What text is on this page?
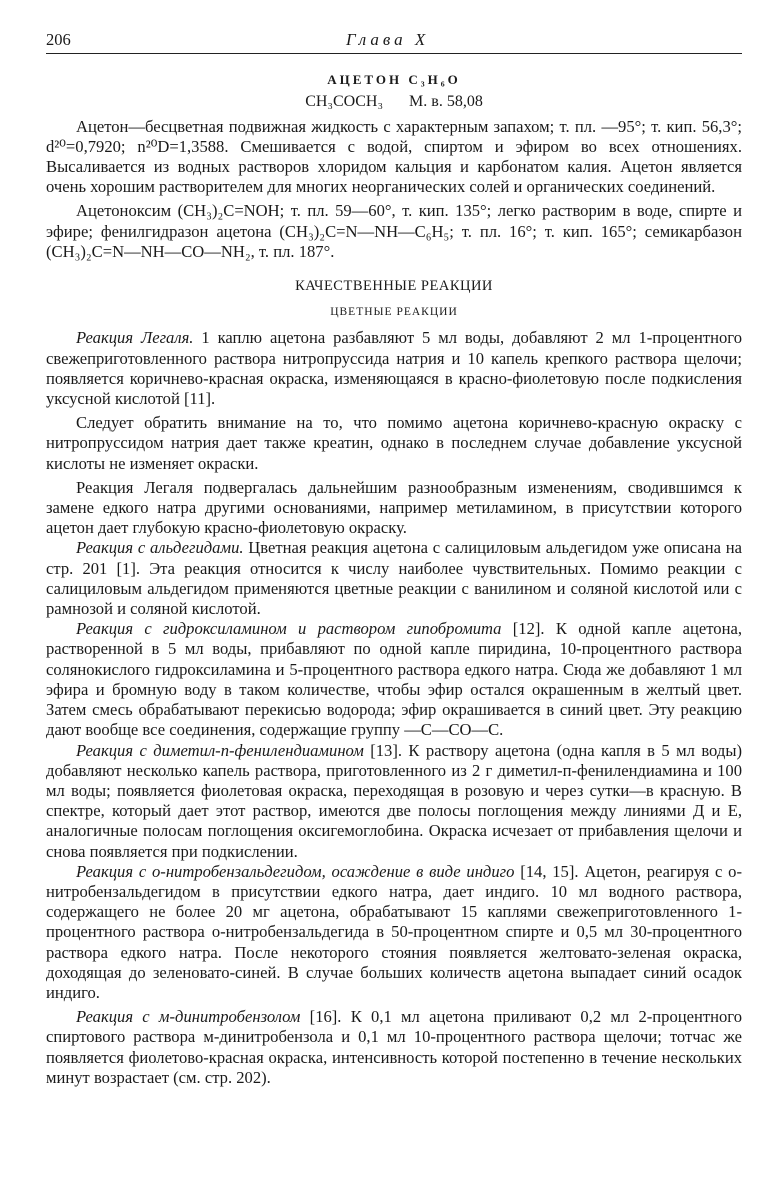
206	Глава X
АЦЕТОН C₃H₆O
CH₃COCH₃ М. в. 58,08

Ацетон—бесцветная подвижная жидкость с характерным запахом; т. пл. —95°; т. кип. 56,3°; d²⁰=0,7920; n²⁰D=1,3588. Смешивается с водой, спиртом и эфиром во всех отношениях. Высаливается из водных растворов хлоридом кальция и карбонатом калия. Ацетон является очень хорошим растворителем для многих неорганических солей и органических соединений.

Ацетоноксим (CH₃)₂C=NOH; т. пл. 59—60°, т. кип. 135°; легко растворим в воде, спирте и эфире; фенилгидразон ацетона (CH₃)₂C=N—NH—C₆H₅; т. пл. 16°; т. кип. 165°; семикарбазон (CH₃)₂C=N—NH—CO—NH₂, т. пл. 187°.

КАЧЕСТВЕННЫЕ РЕАКЦИИ
ЦВЕТНЫЕ РЕАКЦИИ

Реакция Легаля. 1 каплю ацетона разбавляют 5 мл воды, добавляют 2 мл 1-процентного свежеприготовленного раствора нитропруссида натрия и 10 капель крепкого раствора щелочи; появляется коричнево-красная окраска, изменяющаяся в красно-фиолетовую после подкисления уксусной кислотой [11].

Следует обратить внимание на то, что помимо ацетона коричнево-красную окраску с нитропруссидом натрия дает также креатин, однако в последнем случае добавление уксусной кислоты не изменяет окраски.

Реакция Легаля подвергалась дальнейшим разнообразным изменениям, сводившимся к замене едкого натра другими основаниями, например метиламином, в присутствии которого ацетон дает глубокую красно-фиолетовую окраску.

Реакция с альдегидами. Цветная реакция ацетона с салициловым альдегидом уже описана на стр. 201 [1]. Эта реакция относится к числу наиболее чувствительных. Помимо реакции с салициловым альдегидом применяются цветные реакции с ванилином и соляной кислотой или с рамнозой и соляной кислотой.

Реакция с гидроксиламином и раствором гипобромита [12]. К одной капле ацетона, растворенной в 5 мл воды, прибавляют по одной капле пиридина, 10-процентного раствора солянокислого гидроксиламина и 5-процентного раствора едкого натра. Сюда же добавляют 1 мл эфира и бромную воду в таком количестве, чтобы эфир остался окрашенным в желтый цвет. Затем смесь обрабатывают перекисью водорода; эфир окрашивается в синий цвет. Эту реакцию дают вообще все соединения, содержащие группу —C—CO—C.

Реакция с диметил-п-фенилендиамином [13]. К раствору ацетона (одна капля в 5 мл воды) добавляют несколько капель раствора, приготовленного из 2 г диметил-п-фенилендиамина и 100 мл воды; появляется фиолетовая окраска, переходящая в розовую и через сутки—в красную. В спектре, который дает этот раствор, имеются две полосы поглощения между линиями Д и E, аналогичные полосам поглощения оксигемоглобина. Окраска исчезает от прибавления щелочи и снова появляется при подкислении.

Реакция с о-нитробензальдегидом, осаждение в виде индиго [14, 15]. Ацетон, реагируя с о-нитробензальдегидом в присутствии едкого натра, дает индиго. 10 мл водного раствора, содержащего не более 20 мг ацетона, обрабатывают 15 каплями свежеприготовленного 1-процентного раствора о-нитробензальдегида в 50-процентном спирте и 0,5 мл 30-процентного раствора едкого натра. После некоторого стояния появляется желтовато-зеленая окраска, доходящая до зеленовато-синей. В случае больших количеств ацетона выпадает синий осадок индиго.

Реакция с м-динитробензолом [16]. К 0,1 мл ацетона приливают 0,2 мл 2-процентного спиртового раствора м-динитробензола и 0,1 мл 10-процентного раствора щелочи; тотчас же появляется фиолетово-красная окраска, интенсивность которой постепенно в течение нескольких минут возрастает (см. стр. 202).
